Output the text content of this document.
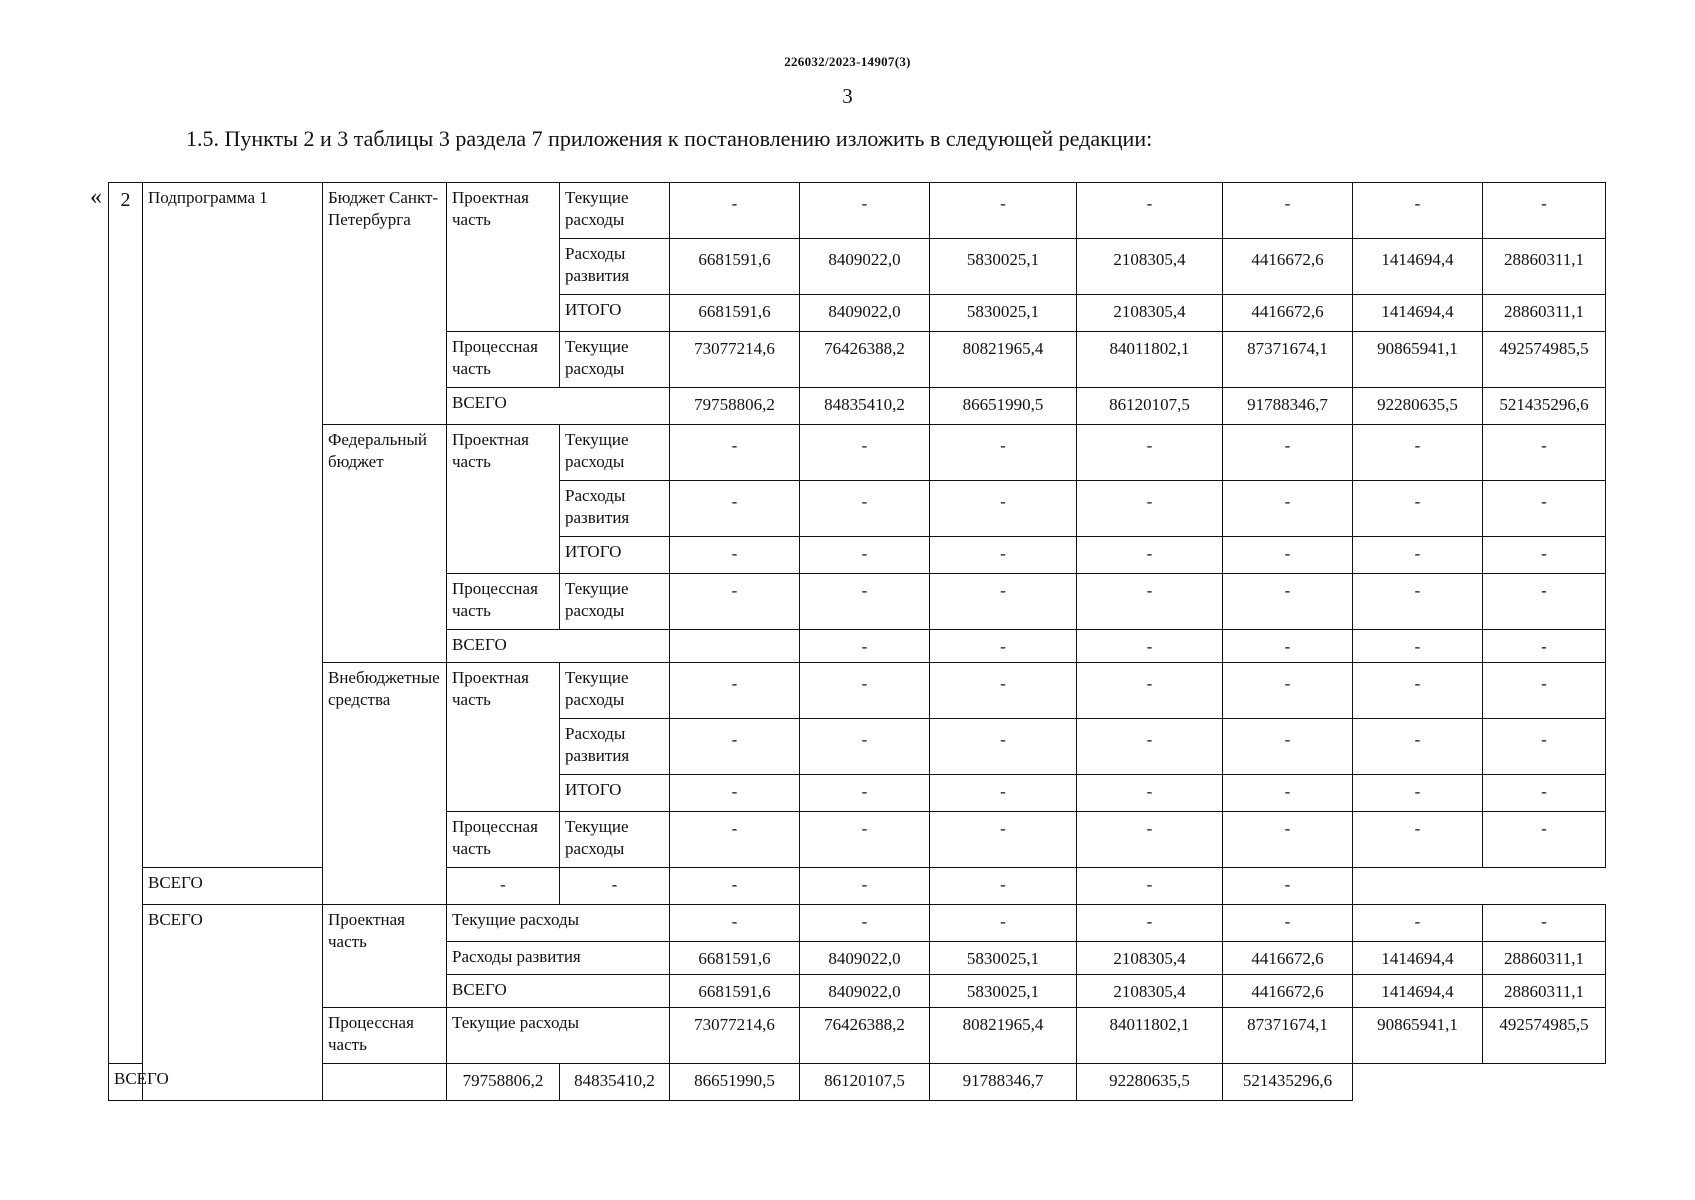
226032/2023-14907(3)
3
1.5. Пункты 2 и 3 таблицы 3 раздела 7 приложения к постановлению изложить в следующей редакции:
« 2	Подпрограмма 1	Бюджет Санкт-Петербурга	Проектная часть	Текущие расходы	-	-	-	-	-	-	-
				Расходы развития	6681591,6	8409022,0	5830025,1	2108305,4	4416672,6	1414694,4	28860311,1
				ИТОГО	6681591,6	8409022,0	5830025,1	2108305,4	4416672,6	1414694,4	28860311,1
			Процессная часть	Текущие расходы	73077214,6	76426388,2	80821965,4	84011802,1	87371674,1	90865941,1	492574985,5
			ВСЕГО		79758806,2	84835410,2	86651990,5	86120107,5	91788346,7	92280635,5	521435296,6
		Федеральный бюджет	Проектная часть	Текущие расходы	-	-	-	-	-	-	-
				Расходы развития	-	-	-	-	-	-	-
				ИТОГО	-	-	-	-	-	-	-
			Процессная часть	Текущие расходы	-	-	-	-	-	-	-
			ВСЕГО			-	-	-	-	-	-
		Внебюджетные средства	Проектная часть	Текущие расходы	-	-	-	-	-	-	-
				Расходы развития	-	-	-	-	-	-	-
				ИТОГО	-	-	-	-	-	-	-
			Процессная часть	Текущие расходы	-	-	-	-	-	-	-
	ВСЕГО		-	-	-	-	-	-	-		
	ВСЕГО	Проектная часть	Текущие расходы		-	-	-	-	-	-	-
			Расходы развития		6681591,6	8409022,0	5830025,1	2108305,4	4416672,6	1414694,4	28860311,1
			ВСЕГО		6681591,6	8409022,0	5830025,1	2108305,4	4416672,6	1414694,4	28860311,1
		Процессная часть	Текущие расходы		73077214,6	76426388,2	80821965,4	84011802,1	87371674,1	90865941,1	492574985,5
ВСЕГО			79758806,2	84835410,2	86651990,5	86120107,5	91788346,7	92280635,5	521435296,6		
